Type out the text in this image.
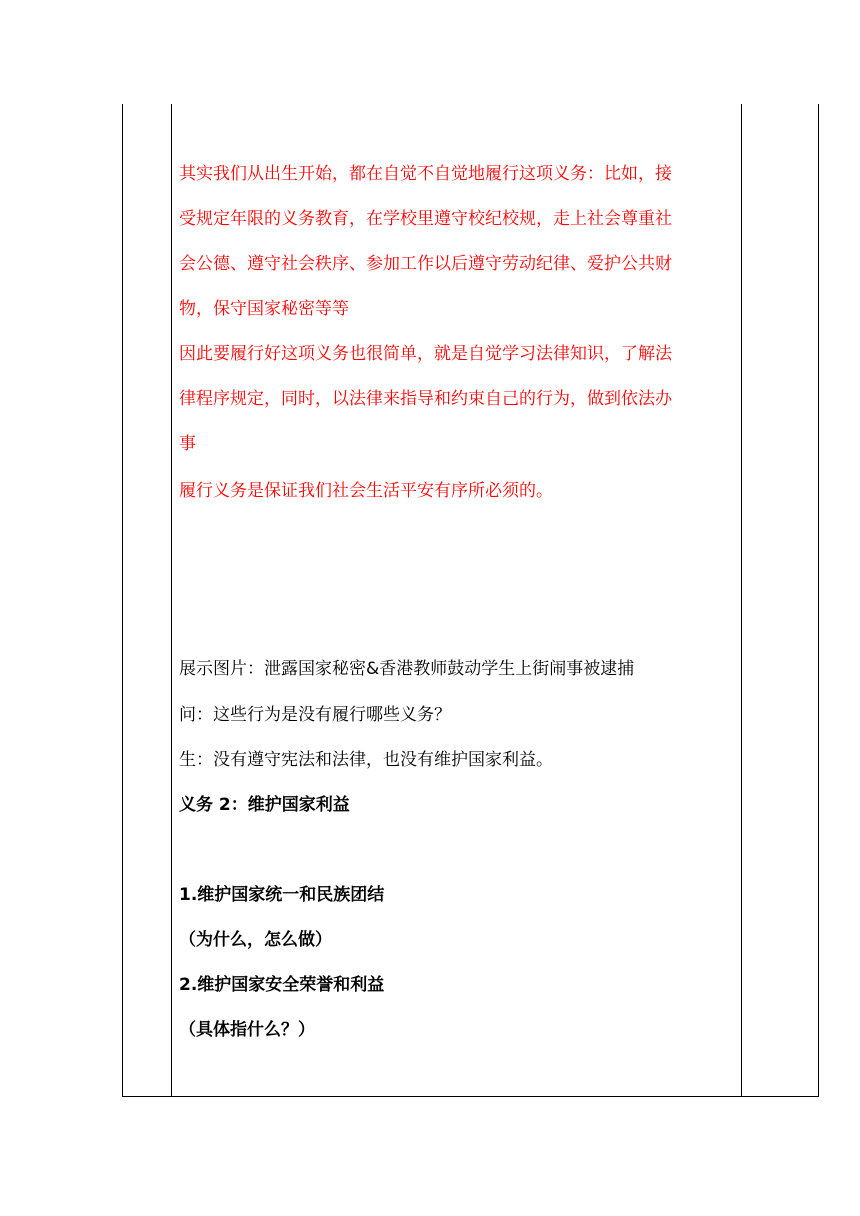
其实我们从出生开始，都在自觉不自觉地履行这项义务：比如，接
受规定年限的义务教育，在学校里遵守校纪校规，走上社会尊重社
会公德、遵守社会秩序、参加工作以后遵守劳动纪律、爱护公共财
物，保守国家秘密等等
因此要履行好这项义务也很简单，就是自觉学习法律知识，了解法
律程序规定，同时，以法律来指导和约束自己的行为，做到依法办
事
履行义务是保证我们社会生活平安有序所必须的。
展示图片：泄露国家秘密&香港教师鼓动学生上街闹事被逮捕
问：这些行为是没有履行哪些义务？
生：没有遵守宪法和法律，也没有维护国家利益。
义务 2：维护国家利益
1.维护国家统一和民族团结
（为什么，怎么做）
2.维护国家安全荣誉和利益
（具体指什么？）
